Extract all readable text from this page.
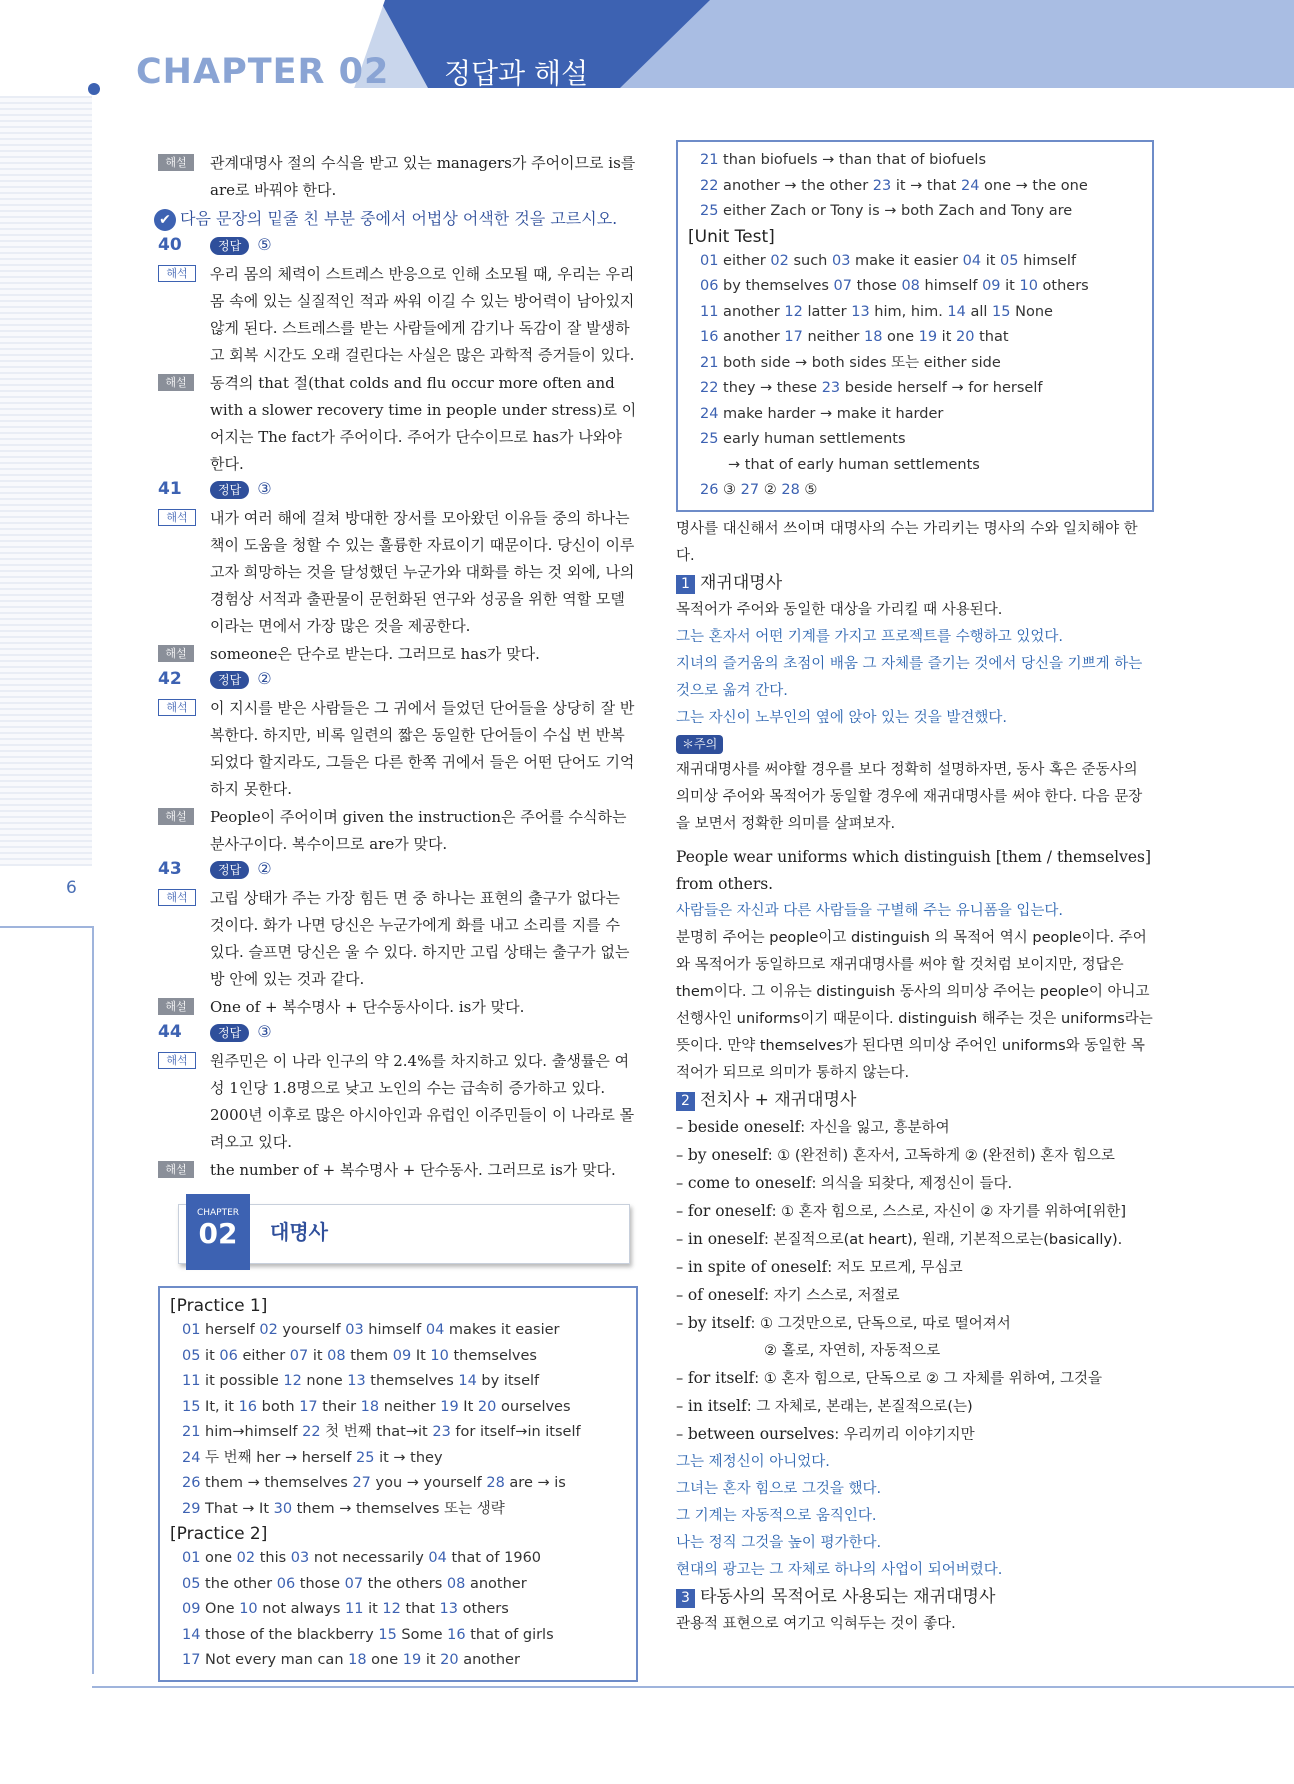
CHAPTER 02 정답과 해설
6
해설	관계대명사 절의 수식을 받고 있는 managers가 주어이므로 is를 are로 바꿔야 한다.

✔ 다음 문장의 밑줄 친 부분 중에서 어법상 어색한 것을 고르시오.
40	정답 ⑤
해석	우리 몸의 체력이 스트레스 반응으로 인해 소모될 때, 우리는 우리 몸 속에 있는 실질적인 적과 싸워 이길 수 있는 방어력이 남아있지 않게 된다. 스트레스를 받는 사람들에게 감기나 독감이 잘 발생하고 회복 시간도 오래 걸린다는 사실은 많은 과학적 증거들이 있다.

해설	동격의 that 절(that colds and flu occur more often and with a slower recovery time in people under stress)로 이어지는 The fact가 주어이다. 주어가 단수이므로 has가 나와야 한다.

41	정답 ③
해석	내가 여러 해에 걸쳐 방대한 장서를 모아왔던 이유들 중의 하나는 책이 도움을 청할 수 있는 훌륭한 자료이기 때문이다. 당신이 이루고자 희망하는 것을 달성했던 누군가와 대화를 하는 것 외에, 나의 경험상 서적과 출판물이 문헌화된 연구와 성공을 위한 역할 모델이라는 면에서 가장 많은 것을 제공한다.

해설	someone은 단수로 받는다. 그러므로 has가 맞다.

42	정답 ②
해석	이 지시를 받은 사람들은 그 귀에서 들었던 단어들을 상당히 잘 반복한다. 하지만, 비록 일련의 짧은 동일한 단어들이 수십 번 반복되었다 할지라도, 그들은 다른 한쪽 귀에서 들은 어떤 단어도 기억하지 못한다.

해설	People이 주어이며 given the instruction은 주어를 수식하는 분사구이다. 복수이므로 are가 맞다.

43	정답 ②
해석	고립 상태가 주는 가장 힘든 면 중 하나는 표현의 출구가 없다는 것이다. 화가 나면 당신은 누군가에게 화를 내고 소리를 지를 수 있다. 슬프면 당신은 울 수 있다. 하지만 고립 상태는 출구가 없는 방 안에 있는 것과 같다.

해설	One of + 복수명사 + 단수동사이다. is가 맞다.

44	정답 ③
해석	원주민은 이 나라 인구의 약 2.4%를 차지하고 있다. 출생률은 여성 1인당 1.8명으로 낮고 노인의 수는 급속히 증가하고 있다. 2000년 이후로 많은 아시아인과 유럽인 이주민들이 이 나라로 몰려오고 있다.

해설	the number of + 복수명사 + 단수동사. 그러므로 is가 맞다.

CHAPTER
02	대명사

[Practice 1]

01 herself 02 yourself 03 himself 04 makes it easier

05 it 06 either 07 it 08 them 09 It 10 themselves

11 it possible 12 none 13 themselves 14 by itself

15 It, it 16 both 17 their 18 neither 19 It 20 ourselves

21 him→himself 22 첫 번째 that→it 23 for itself→in itself

24 두 번째 her → herself 25 it → they

26 them → themselves 27 you → yourself 28 are → is

29 That → It 30 them → themselves 또는 생략

[Practice 2]

01 one 02 this 03 not necessarily 04 that of 1960

05 the other 06 those 07 the others 08 another

09 One 10 not always 11 it 12 that 13 others

14 those of the blackberry 15 Some 16 that of girls

17 Not every man can 18 one 19 it 20 another

21 than biofuels → than that of biofuels

22 another → the other 23 it → that 24 one → the one

25 either Zach or Tony is → both Zach and Tony are

[Unit Test]

01 either 02 such 03 make it easier 04 it 05 himself

06 by themselves 07 those 08 himself 09 it 10 others

11 another 12 latter 13 him, him. 14 all 15 None

16 another 17 neither 18 one 19 it 20 that

21 both side → both sides 또는 either side

22 they → these 23 beside herself → for herself

24 make harder → make it harder

25 early human settlements

→ that of early human settlements

26 ③ 27 ② 28 ⑤

명사를 대신해서 쓰이며 대명사의 수는 가리키는 명사의 수와 일치해야 한다.

1 재귀대명사

목적어가 주어와 동일한 대상을 가리킬 때 사용된다.

그는 혼자서 어떤 기계를 가지고 프로젝트를 수행하고 있었다.

지녀의 즐거움의 초점이 배움 그 자체를 즐기는 것에서 당신을 기쁘게 하는 것으로 옮겨 간다.

그는 자신이 노부인의 옆에 앉아 있는 것을 발견했다.

＊주의

재귀대명사를 써야할 경우를 보다 정확히 설명하자면, 동사 혹은 준동사의 의미상 주어와 목적어가 동일할 경우에 재귀대명사를 써야 한다. 다음 문장을 보면서 정확한 의미를 살펴보자.

People wear uniforms which distinguish [them / themselves] from others.

사람들은 자신과 다른 사람들을 구별해 주는 유니폼을 입는다.

분명히 주어는 people이고 distinguish 의 목적어 역시 people이다. 주어와 목적어가 동일하므로 재귀대명사를 써야 할 것처럼 보이지만, 정답은 them이다. 그 이유는 distinguish 동사의 의미상 주어는 people이 아니고 선행사인 uniforms이기 때문이다. distinguish 해주는 것은 uniforms라는 뜻이다. 만약 themselves가 된다면 의미상 주어인 uniforms와 동일한 목적어가 되므로 의미가 통하지 않는다.

2 전치사 + 재귀대명사

– beside oneself: 자신을 잃고, 흥분하여

– by oneself: ① (완전히) 혼자서, 고독하게 ② (완전히) 혼자 힘으로

– come to oneself: 의식을 되찾다, 제정신이 들다.

– for oneself: ① 혼자 힘으로, 스스로, 자신이 ② 자기를 위하여[위한]

– in oneself: 본질적으로(at heart), 원래, 기본적으로는(basically).

– in spite of oneself: 저도 모르게, 무심코

– of oneself: 자기 스스로, 저절로

– by itself: ① 그것만으로, 단독으로, 따로 떨어져서

② 홀로, 자연히, 자동적으로

– for itself: ① 혼자 힘으로, 단독으로 ② 그 자체를 위하여, 그것을

– in itself: 그 자체로, 본래는, 본질적으로(는)

– between ourselves: 우리끼리 이야기지만

그는 제정신이 아니었다.

그녀는 혼자 힘으로 그것을 했다.

그 기계는 자동적으로 움직인다.

나는 정직 그것을 높이 평가한다.

현대의 광고는 그 자체로 하나의 사업이 되어버렸다.

3 타동사의 목적어로 사용되는 재귀대명사

관용적 표현으로 여기고 익혀두는 것이 좋다.
